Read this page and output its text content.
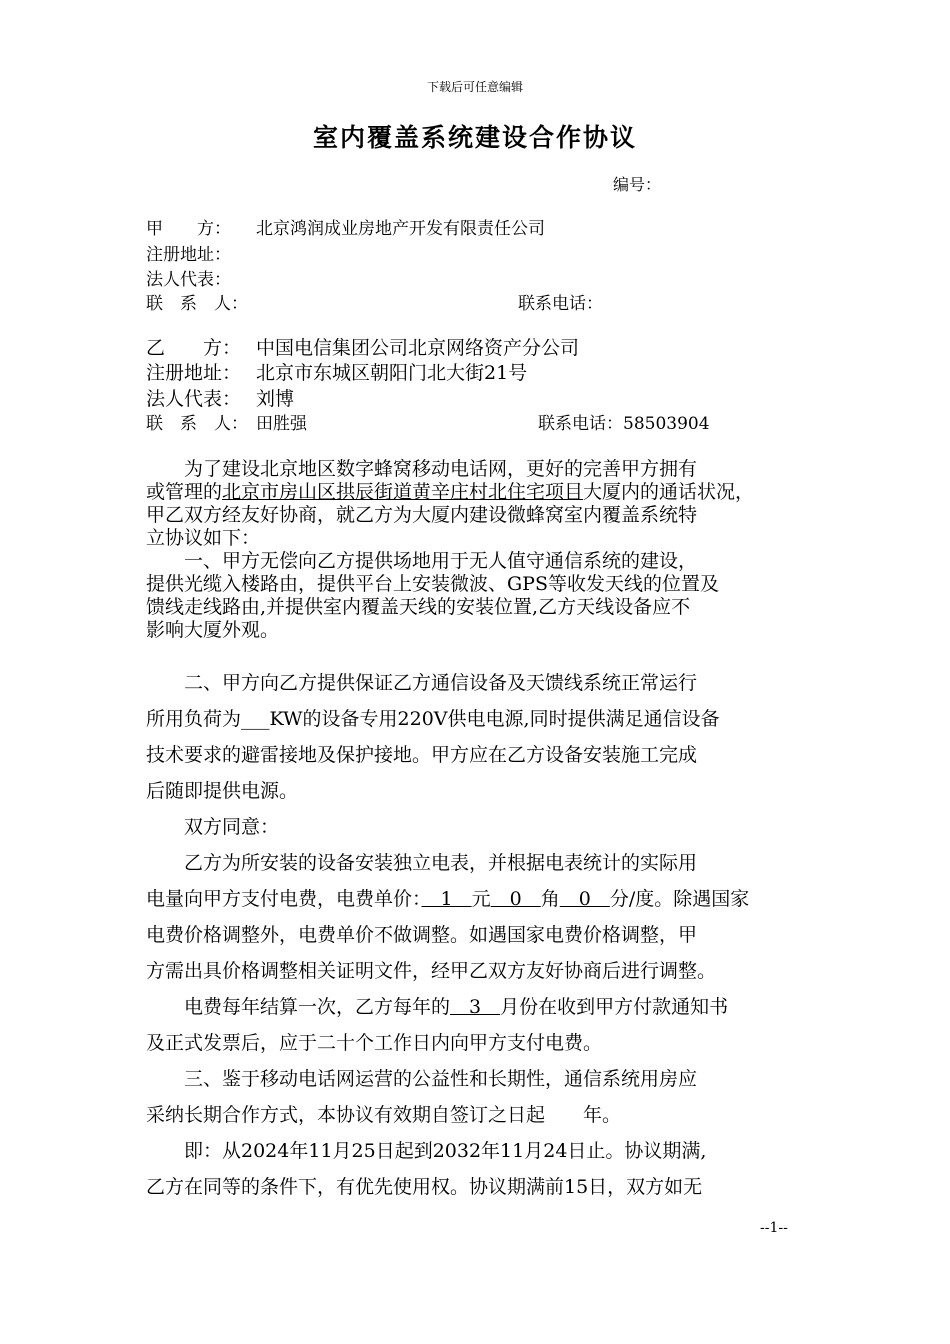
下载后可任意编辑
室内覆盖系统建设合作协议
编号：
甲　　方： 北京鸿润成业房地产开发有限责任公司
注册地址：
法人代表：
联　系　人：	联系电话：
乙　　方： 中国电信集团公司北京网络资产分公司
注册地址： 北京市东城区朝阳门北大街21号
法人代表： 刘博
联　系　人： 田胜强	联系电话：58503904
　　为了建设北京地区数字蜂窝移动电话网，更好的完善甲方拥有
或管理的北京市房山区拱辰街道黄辛庄村北住宅项目大厦内的通话状况，
甲乙双方经友好协商，就乙方为大厦内建设微蜂窝室内覆盖系统特
立协议如下：
　　一、甲方无偿向乙方提供场地用于无人值守通信系统的建设，
提供光缆入楼路由，提供平台上安装微波、GPS等收发天线的位置及
馈线走线路由,并提供室内覆盖天线的安装位置,乙方天线设备应不
影响大厦外观。
　　二、甲方向乙方提供保证乙方通信设备及天馈线系统正常运行
所用负荷为___KW的设备专用220V供电电源,同时提供满足通信设备
技术要求的避雷接地及保护接地。甲方应在乙方设备安装施工完成
后随即提供电源。
　　双方同意：
　　乙方为所安装的设备安装独立电表，并根据电表统计的实际用
电量向甲方支付电费，电费单价：　1　元　0　角　0　分/度。除遇国家
电费价格调整外，电费单价不做调整。如遇国家电费价格调整，甲
方需出具价格调整相关证明文件，经甲乙双方友好协商后进行调整。
　　电费每年结算一次，乙方每年的　3　月份在收到甲方付款通知书
及正式发票后，应于二十个工作日内向甲方支付电费。
　　三、鉴于移动电话网运营的公益性和长期性，通信系统用房应
采纳长期合作方式，本协议有效期自签订之日起　　年。
　　即：从2024年11月25日起到2032年11月24日止。协议期满,
乙方在同等的条件下，有优先使用权。协议期满前15日，双方如无
--1--
